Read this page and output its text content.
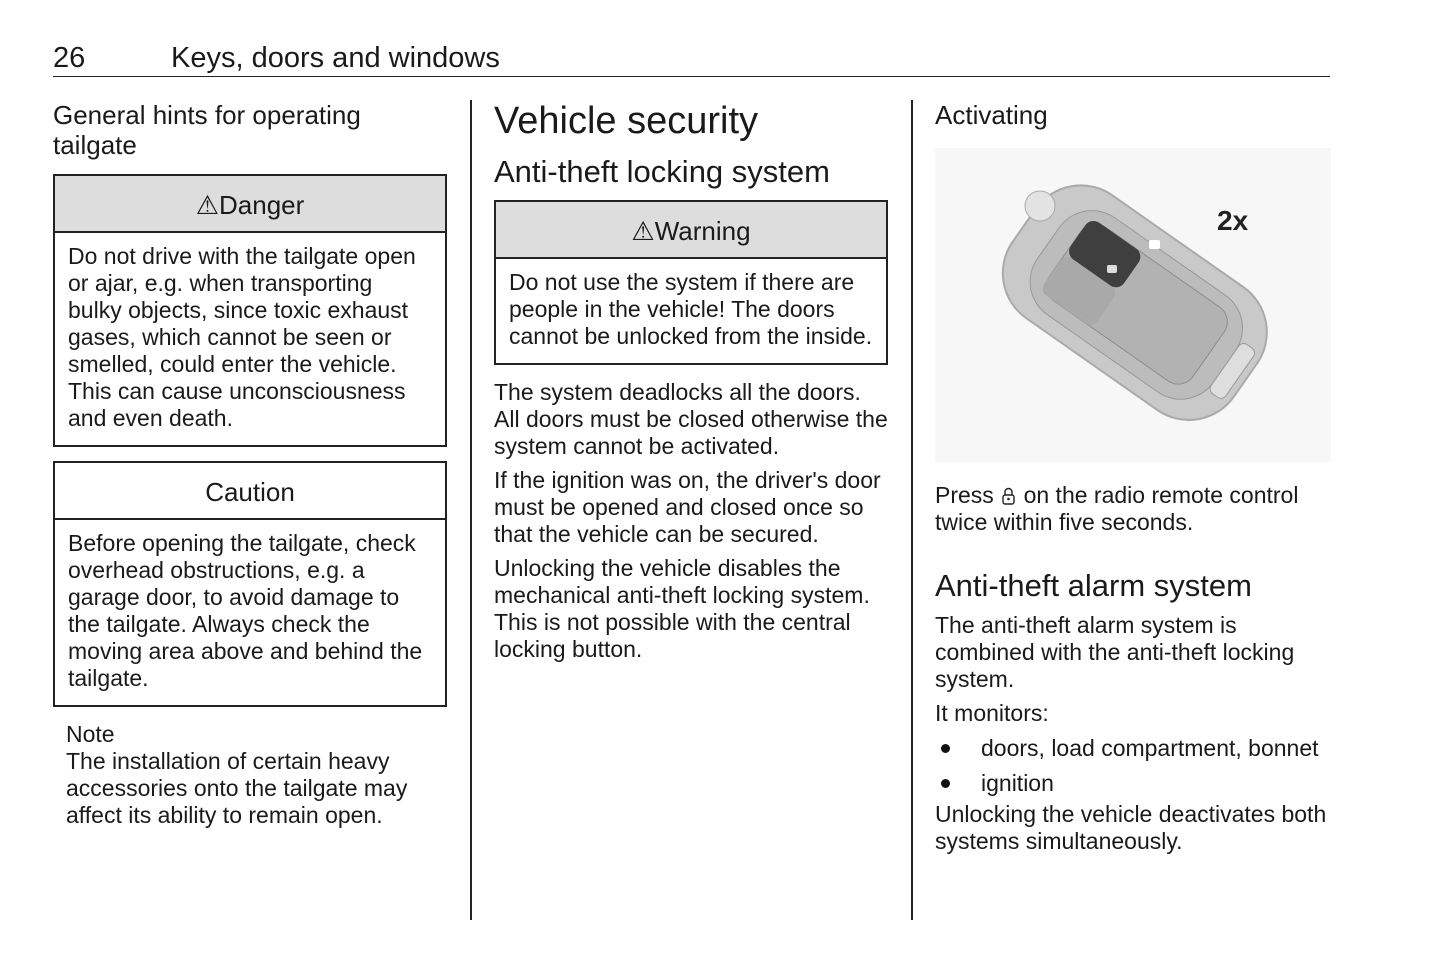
26	Keys, doors and windows

General hints for operating tailgate

⚠Danger
Do not drive with the tailgate open or ajar, e.g. when transporting bulky objects, since toxic exhaust gases, which cannot be seen or smelled, could enter the vehicle. This can cause unconsciousness and even death.
Caution
Before opening the tailgate, check overhead obstructions, e.g. a garage door, to avoid damage to the tailgate. Always check the moving area above and behind the tailgate.

Note

The installation of certain heavy accessories onto the tailgate may affect its ability to remain open.

Vehicle security

Anti-theft locking system

⚠Warning
Do not use the system if there are people in the vehicle! The doors cannot be unlocked from the inside.

The system deadlocks all the doors. All doors must be closed otherwise the system cannot be activated.

If the ignition was on, the driver's door must be opened and closed once so that the vehicle can be secured.

Unlocking the vehicle disables the mechanical anti-theft locking system. This is not possible with the central locking button.

Activating

2x

Press on the radio remote control twice within five seconds.

Anti-theft alarm system

The anti-theft alarm system is combined with the anti-theft locking system.

It monitors:

doors, load compartment, bonnet
ignition

Unlocking the vehicle deactivates both systems simultaneously.
